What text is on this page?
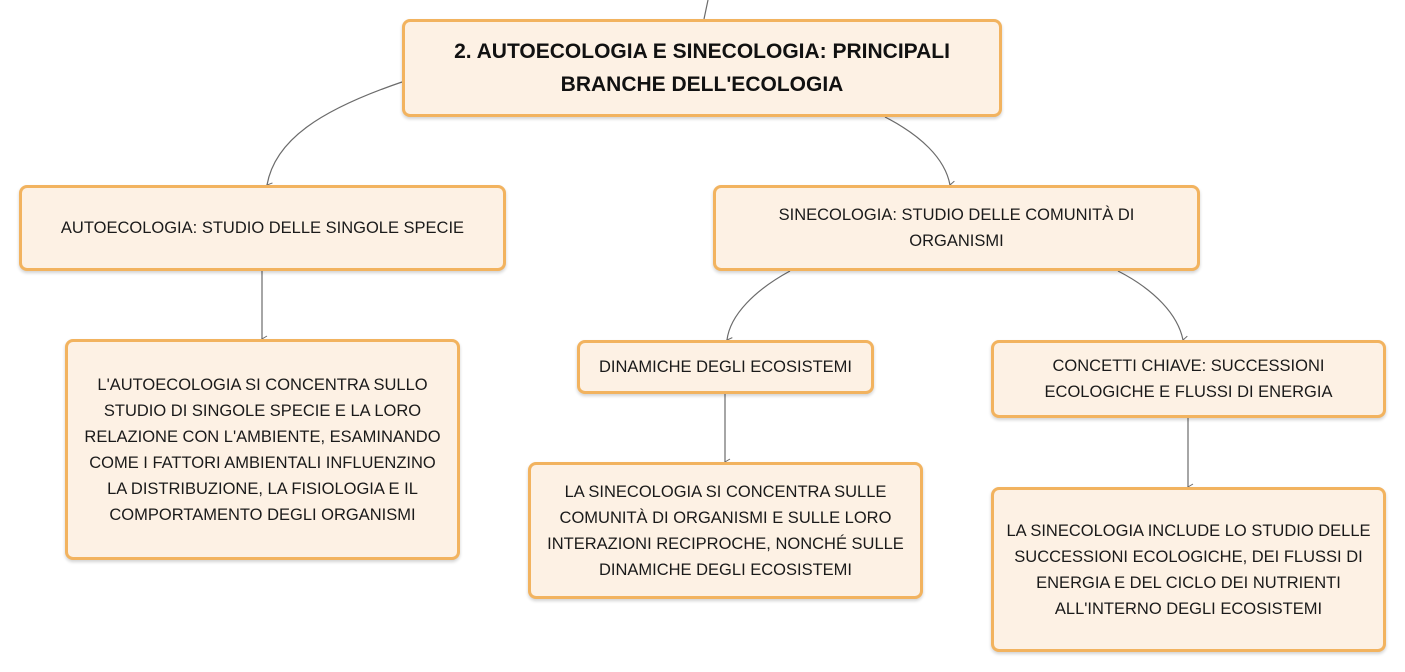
2. AUTOECOLOGIA E SINECOLOGIA: PRINCIPALI BRANCHE DELL'ECOLOGIA
AUTOECOLOGIA: STUDIO DELLE SINGOLE SPECIE
SINECOLOGIA: STUDIO DELLE COMUNITÀ DI ORGANISMI
L'AUTOECOLOGIA SI CONCENTRA SULLO STUDIO DI SINGOLE SPECIE E LA LORO RELAZIONE CON L'AMBIENTE, ESAMINANDO COME I FATTORI AMBIENTALI INFLUENZINO LA DISTRIBUZIONE, LA FISIOLOGIA E IL COMPORTAMENTO DEGLI ORGANISMI
DINAMICHE DEGLI ECOSISTEMI	CONCETTI CHIAVE: SUCCESSIONI ECOLOGICHE E FLUSSI DI ENERGIA
LA SINECOLOGIA SI CONCENTRA SULLE COMUNITÀ DI ORGANISMI E SULLE LORO INTERAZIONI RECIPROCHE, NONCHÉ SULLE DINAMICHE DEGLI ECOSISTEMI
LA SINECOLOGIA INCLUDE LO STUDIO DELLE SUCCESSIONI ECOLOGICHE, DEI FLUSSI DI ENERGIA E DEL CICLO DEI NUTRIENTI ALL'INTERNO DEGLI ECOSISTEMI
